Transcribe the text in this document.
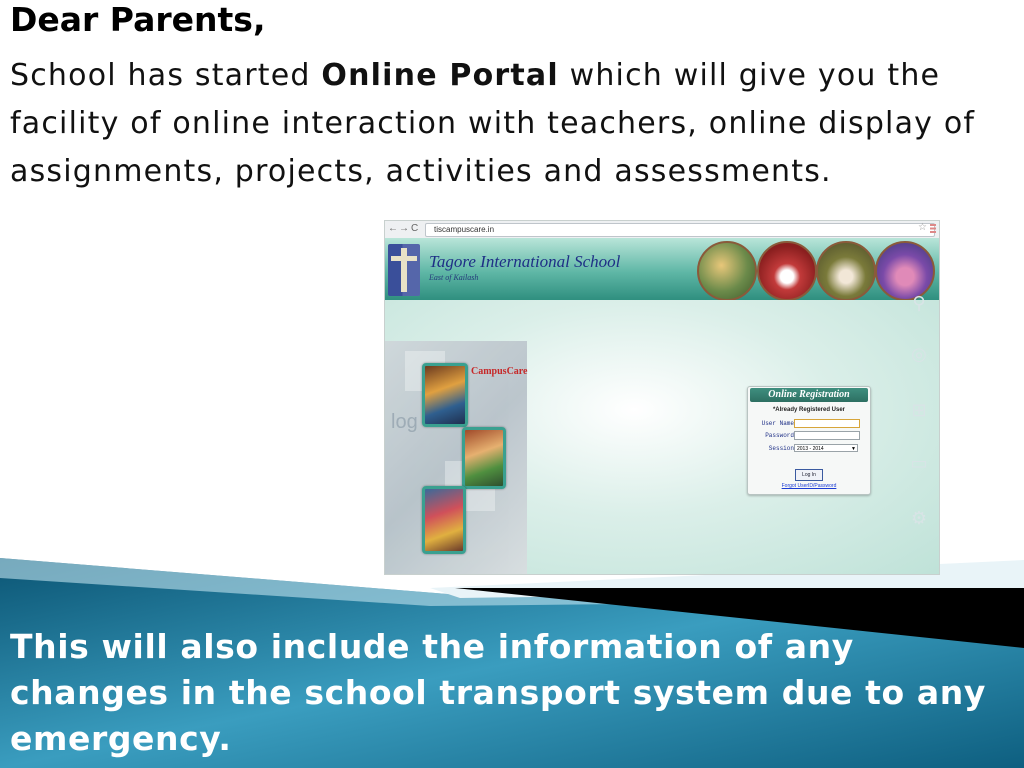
Dear Parents,
School has started Online Portal which will give you the facility of online interaction with teachers, online display of assignments, projects, activities and assessments.
← → C	tiscampuscare.in	☆
Tagore International School
East of Kailash
log
CampusCare
Online Registration
*Already Registered User
User Name
Password
Session 2013 - 2014	▼
Log In
Forgot UserID/Password
⚲
◎
⊞
▭
⚙
This will also include the information of any changes in the school transport system due to any emergency.
